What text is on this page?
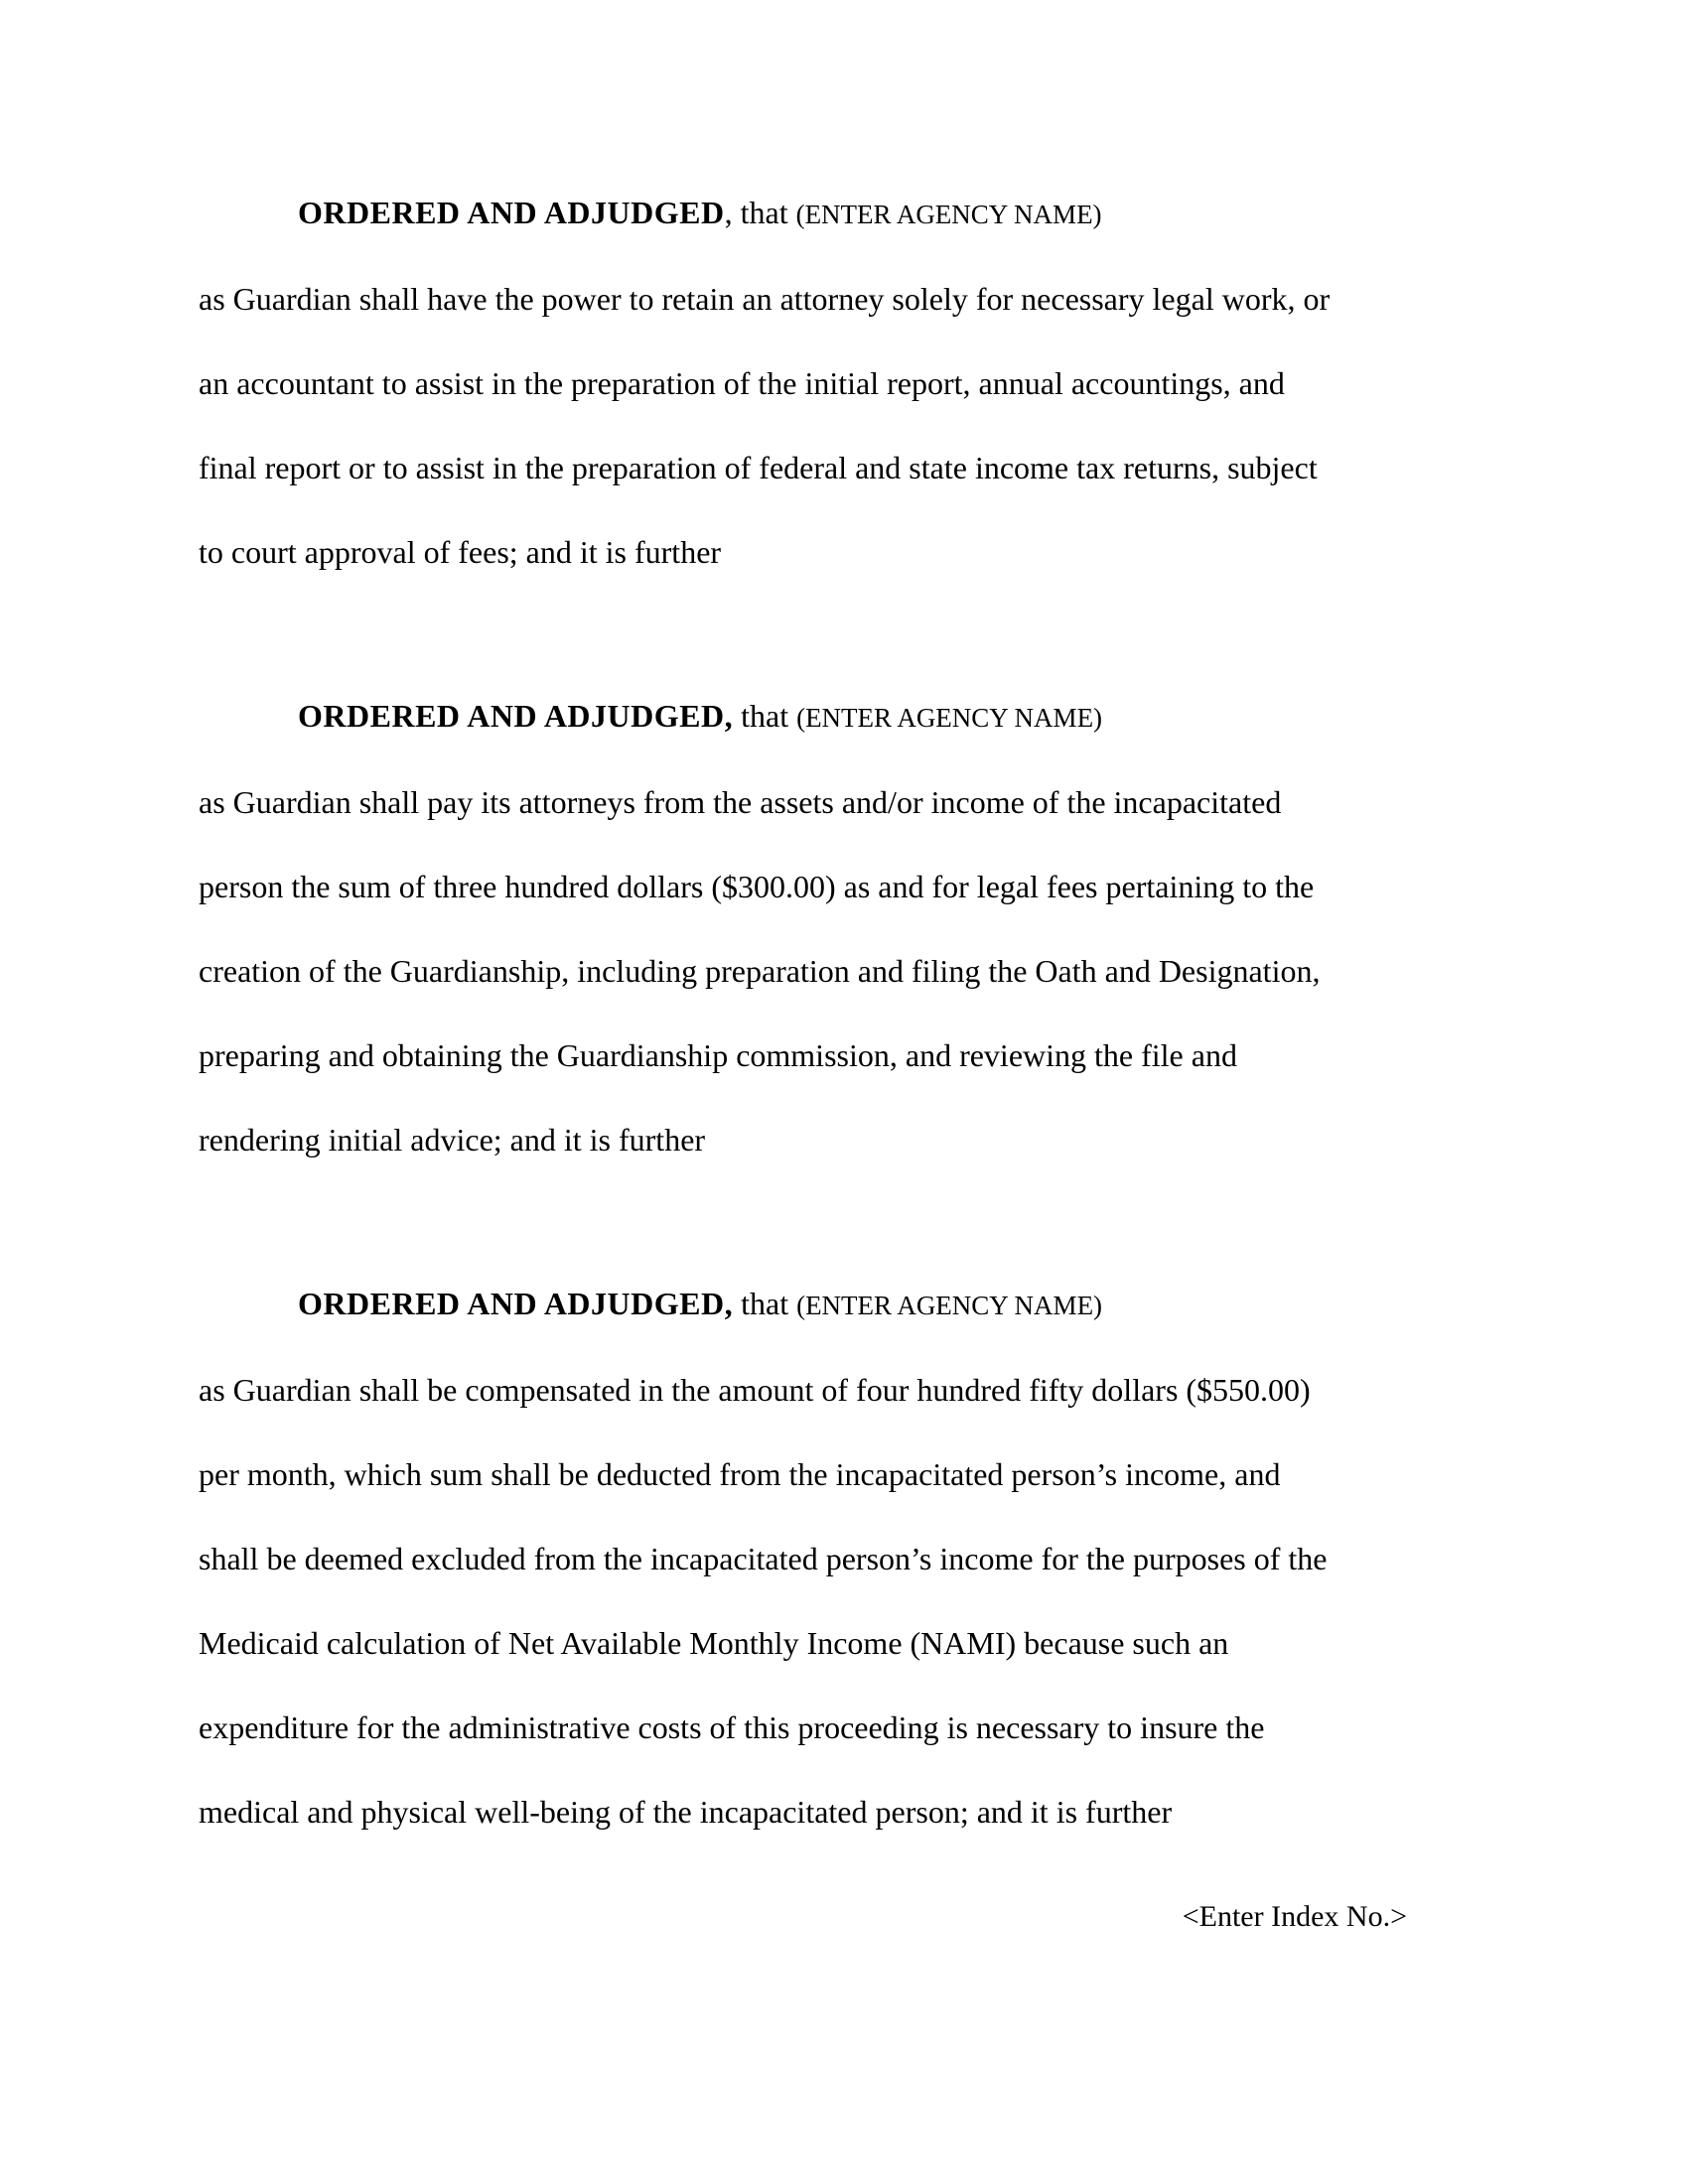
ORDERED AND ADJUDGED, that (ENTER AGENCY NAME)
as Guardian shall have the power to retain an attorney solely for necessary legal work, or
an accountant to assist in the preparation of the initial report, annual accountings, and
final report or to assist in the preparation of federal and state income tax returns, subject
to court approval of fees; and it is further
ORDERED AND ADJUDGED, that (ENTER AGENCY NAME)
as Guardian shall pay its attorneys from the assets and/or income of the incapacitated
person the sum of three hundred dollars ($300.00) as and for legal fees pertaining to the
creation of the Guardianship, including preparation and filing the Oath and Designation,
preparing and obtaining the Guardianship commission, and reviewing the file and
rendering initial advice; and it is further
ORDERED AND ADJUDGED, that (ENTER AGENCY NAME)
as Guardian shall be compensated in the amount of four hundred fifty dollars ($550.00)
per month, which sum shall be deducted from the incapacitated person’s income, and
shall be deemed excluded from the incapacitated person’s income for the purposes of the
Medicaid calculation of Net Available Monthly Income (NAMI) because such an
expenditure for the administrative costs of this proceeding is necessary to insure the
medical and physical well-being of the incapacitated person; and it is further
<Enter Index No.>
